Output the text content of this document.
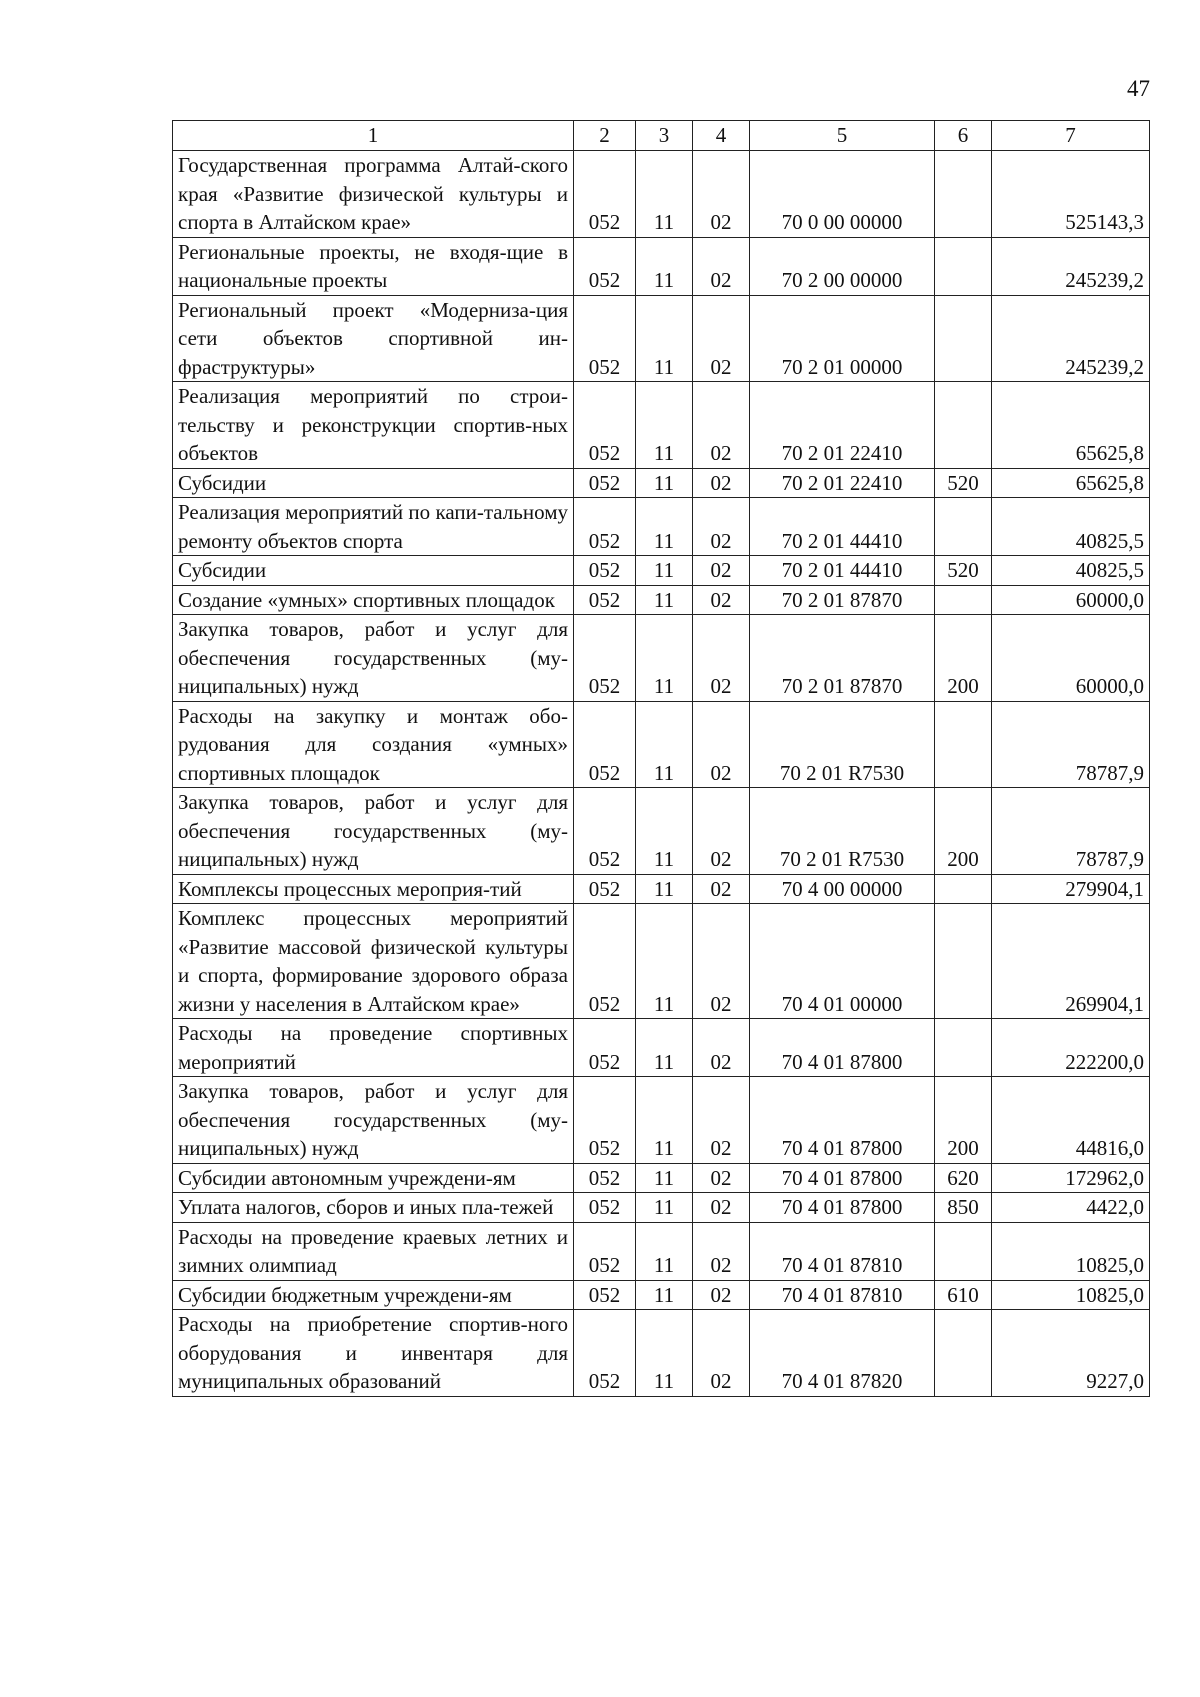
47
1	2	3	4	5	6	7
Государственная программа Алтай-ского края «Развитие физической культуры и спорта в Алтайском крае»	052	11	02	70 0 00 00000		525143,3
Региональные проекты, не входя-щие в национальные проекты	052	11	02	70 2 00 00000		245239,2
Региональный проект «Модерниза-ция сети объектов спортивной ин-фраструктуры»	052	11	02	70 2 01 00000		245239,2
Реализация мероприятий по строи-тельству и реконструкции спортив-ных объектов	052	11	02	70 2 01 22410		65625,8
Субсидии	052	11	02	70 2 01 22410	520	65625,8
Реализация мероприятий по капи-тальному ремонту объектов спорта	052	11	02	70 2 01 44410		40825,5
Субсидии	052	11	02	70 2 01 44410	520	40825,5
Создание «умных» спортивных площадок	052	11	02	70 2 01 87870		60000,0
Закупка товаров, работ и услуг для обеспечения государственных (му-ниципальных) нужд	052	11	02	70 2 01 87870	200	60000,0
Расходы на закупку и монтаж обо-рудования для создания «умных» спортивных площадок	052	11	02	70 2 01 R7530		78787,9
Закупка товаров, работ и услуг для обеспечения государственных (му-ниципальных) нужд	052	11	02	70 2 01 R7530	200	78787,9
Комплексы процессных мероприя-тий	052	11	02	70 4 00 00000		279904,1
Комплекс процессных мероприятий «Развитие массовой физической культуры и спорта, формирование здорового образа жизни у населения в Алтайском крае»	052	11	02	70 4 01 00000		269904,1
Расходы на проведение спортивных мероприятий	052	11	02	70 4 01 87800		222200,0
Закупка товаров, работ и услуг для обеспечения государственных (му-ниципальных) нужд	052	11	02	70 4 01 87800	200	44816,0
Субсидии автономным учреждени-ям	052	11	02	70 4 01 87800	620	172962,0
Уплата налогов, сборов и иных пла-тежей	052	11	02	70 4 01 87800	850	4422,0
Расходы на проведение краевых летних и зимних олимпиад	052	11	02	70 4 01 87810		10825,0
Субсидии бюджетным учреждени-ям	052	11	02	70 4 01 87810	610	10825,0
Расходы на приобретение спортив-ного оборудования и инвентаря для муниципальных образований	052	11	02	70 4 01 87820		9227,0
